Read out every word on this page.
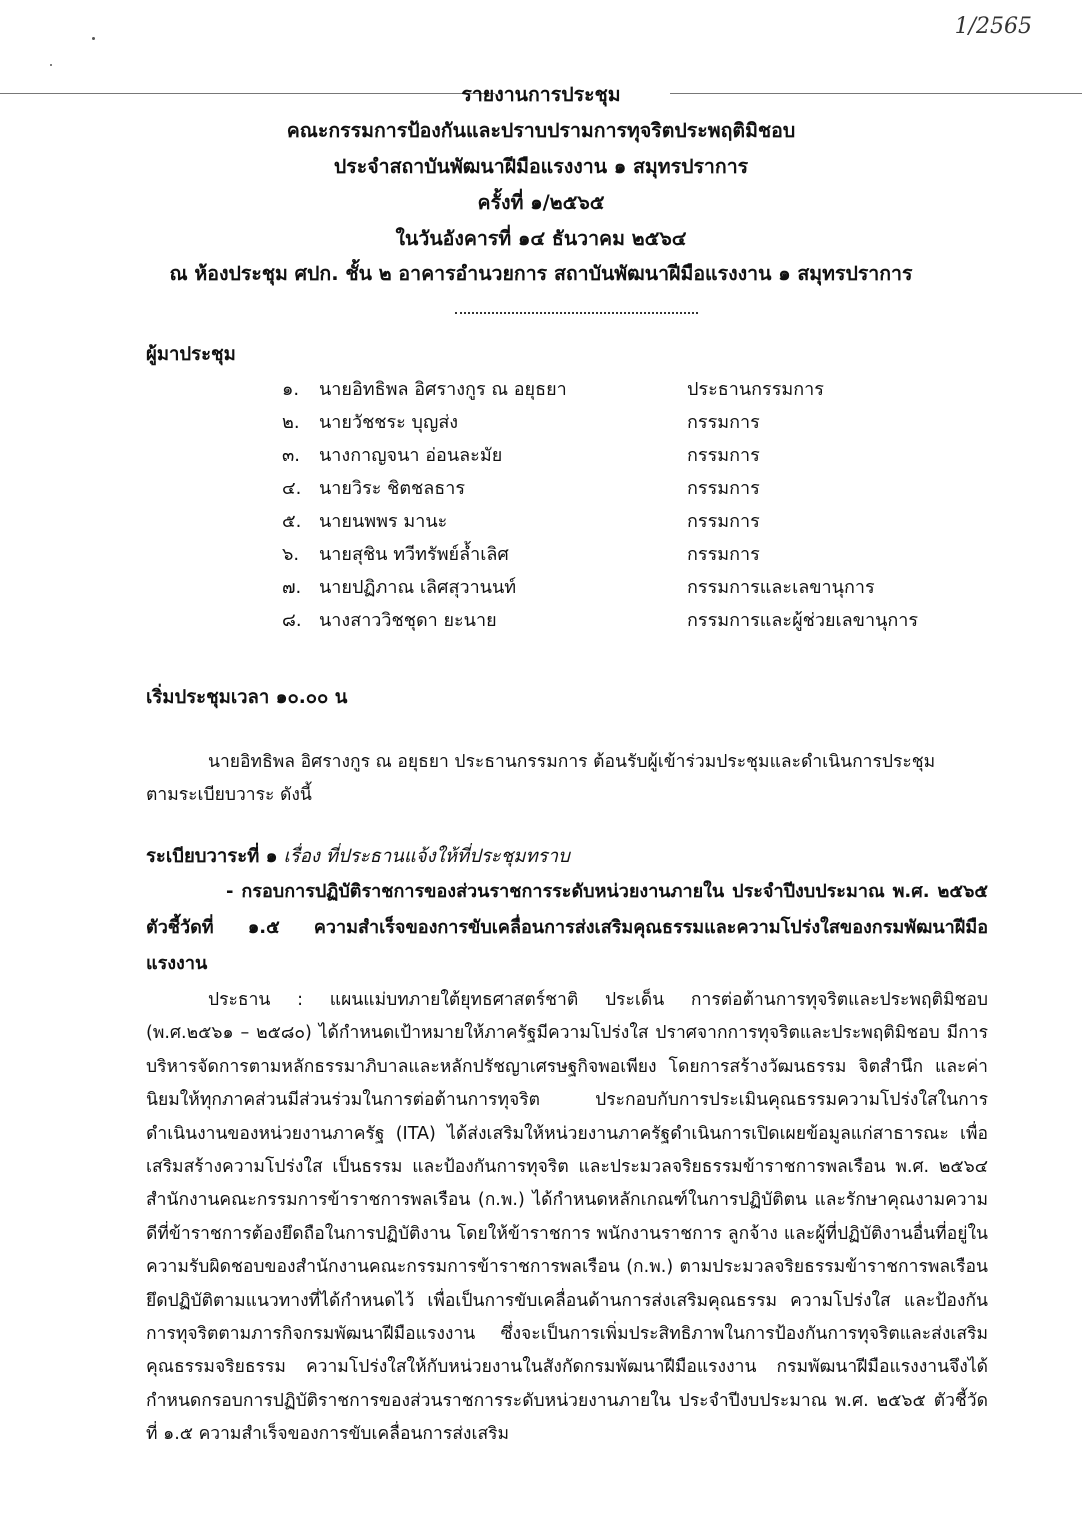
1/2565
รายงานการประชุม
คณะกรรมการป้องกันและปราบปรามการทุจริตประพฤติมิชอบ
ประจำสถาบันพัฒนาฝีมือแรงงาน ๑ สมุทรปราการ
ครั้งที่ ๑/๒๕๖๕
ในวันอังคารที่ ๑๔ ธันวาคม ๒๕๖๔
ณ ห้องประชุม ศปก. ชั้น ๒ อาคารอำนวยการ สถาบันพัฒนาฝีมือแรงงาน ๑ สมุทรปราการ
ผู้มาประชุม
๑. นายอิทธิพล อิศรางกูร ณ อยุธยา	ประธานกรรมการ
๒. นายวัชชระ บุญส่ง	กรรมการ
๓. นางกาญจนา อ่อนละมัย	กรรมการ
๔. นายวิระ ชิตชลธาร	กรรมการ
๕. นายนพพร มานะ	กรรมการ
๖. นายสุชิน ทวีทรัพย์ล้ำเลิศ	กรรมการ
๗. นายปฏิภาณ เลิศสุวานนท์	กรรมการและเลขานุการ
๘. นางสาววิชชุดา ยะนาย	กรรมการและผู้ช่วยเลขานุการ
เริ่มประชุมเวลา ๑๐.๐๐ น
นายอิทธิพล อิศรางกูร ณ อยุธยา ประธานกรรมการ ต้อนรับผู้เข้าร่วมประชุมและดำเนินการประชุม
ตามระเบียบวาระ ดังนี้
ระเบียบวาระที่ ๑ เรื่อง ที่ประธานแจ้งให้ที่ประชุมทราบ
- กรอบการปฏิบัติราชการของส่วนราชการระดับหน่วยงานภายใน ประจำปีงบประมาณ พ.ศ. ๒๕๖๕ ตัวชี้วัดที่ ๑.๕ ความสำเร็จของการขับเคลื่อนการส่งเสริมคุณธรรมและความโปร่งใสของกรมพัฒนาฝีมือแรงงาน
ประธาน : แผนแม่บทภายใต้ยุทธศาสตร์ชาติ ประเด็น การต่อต้านการทุจริตและประพฤติมิชอบ (พ.ศ.๒๕๖๑ – ๒๕๘๐) ได้กำหนดเป้าหมายให้ภาครัฐมีความโปร่งใส ปราศจากการทุจริตและประพฤติมิชอบ มีการบริหารจัดการตามหลักธรรมาภิบาลและหลักปรัชญาเศรษฐกิจพอเพียง โดยการสร้างวัฒนธรรม จิตสำนึก และค่านิยมให้ทุกภาคส่วนมีส่วนร่วมในการต่อต้านการทุจริต ประกอบกับการประเมินคุณธรรมความโปร่งใสในการดำเนินงานของหน่วยงานภาครัฐ (ITA) ได้ส่งเสริมให้หน่วยงานภาครัฐดำเนินการเปิดเผยข้อมูลแก่สาธารณะ เพื่อเสริมสร้างความโปร่งใส เป็นธรรม และป้องกันการทุจริต และประมวลจริยธรรมข้าราชการพลเรือน พ.ศ. ๒๕๖๔ สำนักงานคณะกรรมการข้าราชการพลเรือน (ก.พ.) ได้กำหนดหลักเกณฑ์ในการปฏิบัติตน และรักษาคุณงามความดีที่ข้าราชการต้องยึดถือในการปฏิบัติงาน โดยให้ข้าราชการ พนักงานราชการ ลูกจ้าง และผู้ที่ปฏิบัติงานอื่นที่อยู่ในความรับผิดชอบของสำนักงานคณะกรรมการข้าราชการพลเรือน (ก.พ.) ตามประมวลจริยธรรมข้าราชการพลเรือนยึดปฏิบัติตามแนวทางที่ได้กำหนดไว้ เพื่อเป็นการขับเคลื่อนด้านการส่งเสริมคุณธรรม ความโปร่งใส และป้องกันการทุจริตตามภารกิจกรมพัฒนาฝีมือแรงงาน ซึ่งจะเป็นการเพิ่มประสิทธิภาพในการป้องกันการทุจริตและส่งเสริมคุณธรรมจริยธรรม ความโปร่งใสให้กับหน่วยงานในสังกัดกรมพัฒนาฝีมือแรงงาน กรมพัฒนาฝีมือแรงงานจึงได้กำหนดกรอบการปฏิบัติราชการของส่วนราชการระดับหน่วยงานภายใน ประจำปีงบประมาณ พ.ศ. ๒๕๖๕ ตัวชี้วัดที่ ๑.๕ ความสำเร็จของการขับเคลื่อนการส่งเสริม
